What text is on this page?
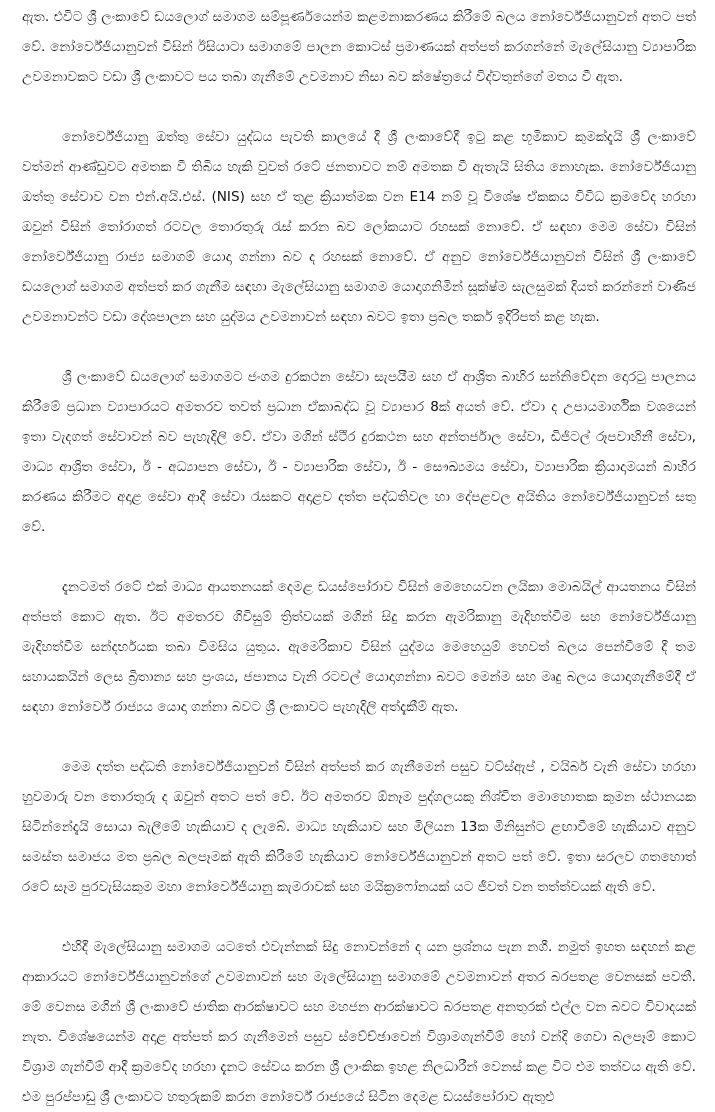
ඇත. එවිට ශ්‍රී ලංකාවේ ඩයලොග් සමාගම සම්පූර්ණයෙන්ම කළමනාකරණය කිරීමේ බලය නෝර්වේජියානුවන් අතට පත් වේ. නෝර්වේජියානුවන් විසින් ඊසියාටා සමාගමේ පාලන කොටස් ප්‍රමාණයක් අත්පත් කරගන්නේ මැලේසියානු ව්‍යාපාරික උවමනාවකට වඩා ශ්‍රී ලංකාවට පය තබා ගැනීමේ උවමනාව නිසා බව ක්ෂේත්‍රයේ විද්වතුන්ගේ මතය වී ඇත.

නෝර්වේජියානු ඔත්තු සේවා යුද්ධය පැවති කාලයේ දී ශ්‍රී ලංකාවේදී ඉටු කළ භූමිකාව කුමක්දැයි ශ්‍රී ලංකාවේ වත්මන් ආණ්ඩුවට අමතක වී තිබිය හැකි වුවත් රටේ ජනතාවට නම් අමතක වී ඇතැයි සිතිය නොහැක. නෝර්වේජියානු ඔත්තු සේවාව වන එන්.අයි.එස්. (NIS) සහ ඒ තුළ ක්‍රියාත්මක වන E14 නම් වූ විශේෂ ඒකකය විවිධ ක්‍රමවේද හරහා ඔවුන් විසින් තෝරාගත් රටවල තොරතුරු රැස් කරන බව ලෝකයාට රහසක් නොවේ. ඒ සඳහා මෙම සේවා විසින් නෝර්වේජියානු රාජ්‍ය සමාගම් යොදා ගන්නා බව ද රහසක් නොවේ. ඒ අනුව නෝර්වේජියානුවන් විසින් ශ්‍රී ලංකාවේ ඩයලොග් සමාගම අත්පත් කර ගැනීම සඳහා මැලේසියානු සමාගම යොදාගනිමින් සූක්ෂ්ම සැලසුමක් දියත් කරන්නේ වාණිජ උවමනාවන්ට වඩා දේශපාලන සහ යුද්මය උවමනාවන් සඳහා බවට ඉතා ප්‍රබල තර්ක ඉදිරිපත් කළ හැක.

ශ්‍රී ලංකාවේ ඩයලොග් සමාගමට ජංගම දුරකථන සේවා සැපයීම සහ ඒ ආශ්‍රිත බාහිර සන්නිවේදන දොරටු පාලනය කිරීමේ ප්‍රධාන ව්‍යාපාරයට අමතරව තවත් ප්‍රධාන ඒකාබද්ධ වූ ව්‍යාපාර 8ක් අයත් වේ. ඒවා ද උපායමාර්ගික වශයෙන් ඉතා වැදගත් සේවාවන් බව පැහැදිලි වේ. ඒවා මගින් ස්ථිර දුරකථන සහ අන්තර්ජාල සේවා, ඩිජිටල් රූපවාහිනී සේවා, මාධ්‍ය ආශ්‍රිත සේවා, ඊ - අධ්‍යාපන සේවා, ඊ - ව්‍යාපාරික සේවා, ඊ - සෞඛ්‍යමය සේවා, ව්‍යාපාරික ක්‍රියාදාමයන් බාහිර කරණය කිරීමට අදාළ සේවා ආදී සේවා රැසකට අදාළව දත්ත පද්ධතිවල හා දේපළවල අයිතිය නෝර්වේජියානුවන් සතු වේ.

දැනටමත් රටේ එක් මාධ්‍ය ආයතනයක් දෙමළ ඩයස්පෝරාව විසින් මෙහෙයවන ලයිකා මොබයිල් ආයතනය විසින් අත්පත් කොට ඇත. ඊට අමතරව ගිවිසුම් ත්‍රිත්වයක් මගින් සිදු කරන ඇමරිකානු මැදිහත්වීම සහ නෝර්වේජියානු මැදිහත්වීම සන්දර්භයක තබා විමසිය යුතුය. ඇමෙරිකාව විසින් යුද්මය මෙහෙයුම් හෙවත් බලය පෙන්වීමේ දී තම සහායකයින් ලෙස බ්‍රිතාන්‍ය සහ ප්‍රංශය, ජපානය වැනි රටවල් යොදාගන්නා බවට මෙන්ම සහ මෘදු බලය යොදාගැනීමේදී ඒ සඳහා නෝර්වේ රාජ්‍යය යොදා ගන්නා බවට ශ්‍රී ලංකාවට පැහැදිලි අත්දැකීම් ඇත.

මෙම දත්ත පද්ධති නෝර්වේජියානුවන් විසින් අත්පත් කර ගැනීමෙන් පසුව වට්ස්ඇප් , වයිබර් වැනි සේවා හරහා හුවමාරු වන තොරතුරු ද ඔවුන් අතට පත් වේ. ඊට අමතරව ඕනෑම පුද්ගලයකු නිශ්චිත මොහොතක කුමන ස්ථානයක සිටින්නේදැයි සොයා බැලීමේ හැකියාව ද ලැබේ. මාධ්‍ය හැකියාව සහ මිලියන 13ක මිනිසුන්ට ළඟාවීමේ හැකියාව අනුව සමස්ත සමාජය මත ප්‍රබල බලපෑමක් ඇති කිරීමේ හැකියාව නෝර්වේජියානුවන් අතට පත් වේ. ඉතා සරලව ගතහොත් රටේ සෑම පුරවැසියකුම මහා නෝර්වේජියානු කැමරාවක් සහ මයික්‍රෆෝනයක් යට ජීවත් වන තත්ත්වයක් ඇති වේ.

එහිදී මැලේසියානු සමාගම යටතේ එවැන්නක් සිදු නොවන්නේ ද යන ප්‍රශ්නය පැන නගී. නමුත් ඉහත සඳහන් කළ ආකාරයට නෝර්වේජියානුවන්ගේ උවමනාවන් සහ මැලේසියානු සමාගමේ උවමනාවන් අතර බරපතළ වෙනසක් පවතී. මේ වෙනස මගින් ශ්‍රී ලංකාවේ ජාතික ආරක්ෂාවට සහ මහජන ආරක්ෂාවට බරපතළ අනතුරක් එල්ල වන බවට විවාදයක් නැත. විශේෂයෙන්ම අදාළ අත්පත් කර ගැනීමෙන් පසුව ස්වේච්ඡාවෙන් විශ්‍රාමගැන්වීම් හෝ වන්දි ගෙවා බලපෑම් කොට විශ්‍රාම ගැන්වීම් ආදී ක්‍රමවේද හරහා දැනට සේවය කරන ශ්‍රී ලාංකික ඉහළ නිලධාරීන් වෙනස් කළ විට එම තත්වය ඇති වේ. එම පුරප්පාඩු ශ්‍රී ලංකාවට හතුරුකම් කරන නෝර්වේ රාජ්‍යයේ සිටින දෙමළ ඩයස්පෝරාව ඇතුළු
